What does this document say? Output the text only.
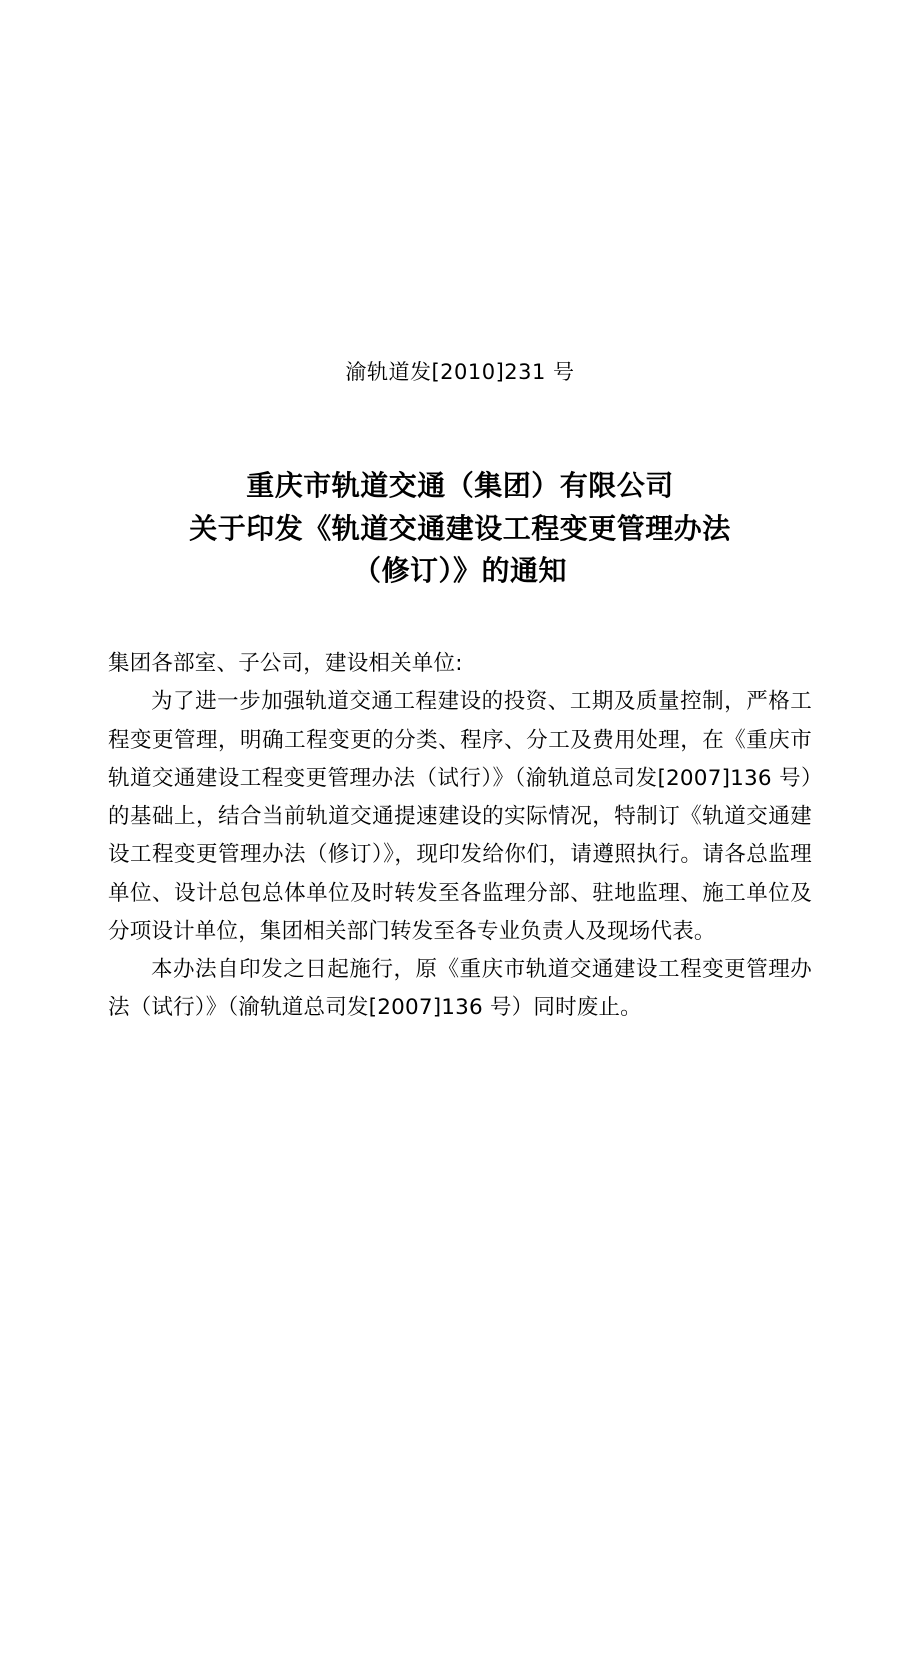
渝轨道发[2010]231 号
重庆市轨道交通（集团）有限公司
关于印发《轨道交通建设工程变更管理办法
（修订）》的通知

集团各部室、子公司，建设相关单位:

为了进一步加强轨道交通工程建设的投资、工期及质量控制，严格工程变更管理，明确工程变更的分类、程序、分工及费用处理，在《重庆市轨道交通建设工程变更管理办法（试行）》（渝轨道总司发[2007]136 号）的基础上，结合当前轨道交通提速建设的实际情况，特制订《轨道交通建设工程变更管理办法（修订）》，现印发给你们，请遵照执行。请各总监理单位、设计总包总体单位及时转发至各监理分部、驻地监理、施工单位及分项设计单位，集团相关部门转发至各专业负责人及现场代表。

本办法自印发之日起施行，原《重庆市轨道交通建设工程变更管理办法（试行）》（渝轨道总司发[2007]136 号）同时废止。
